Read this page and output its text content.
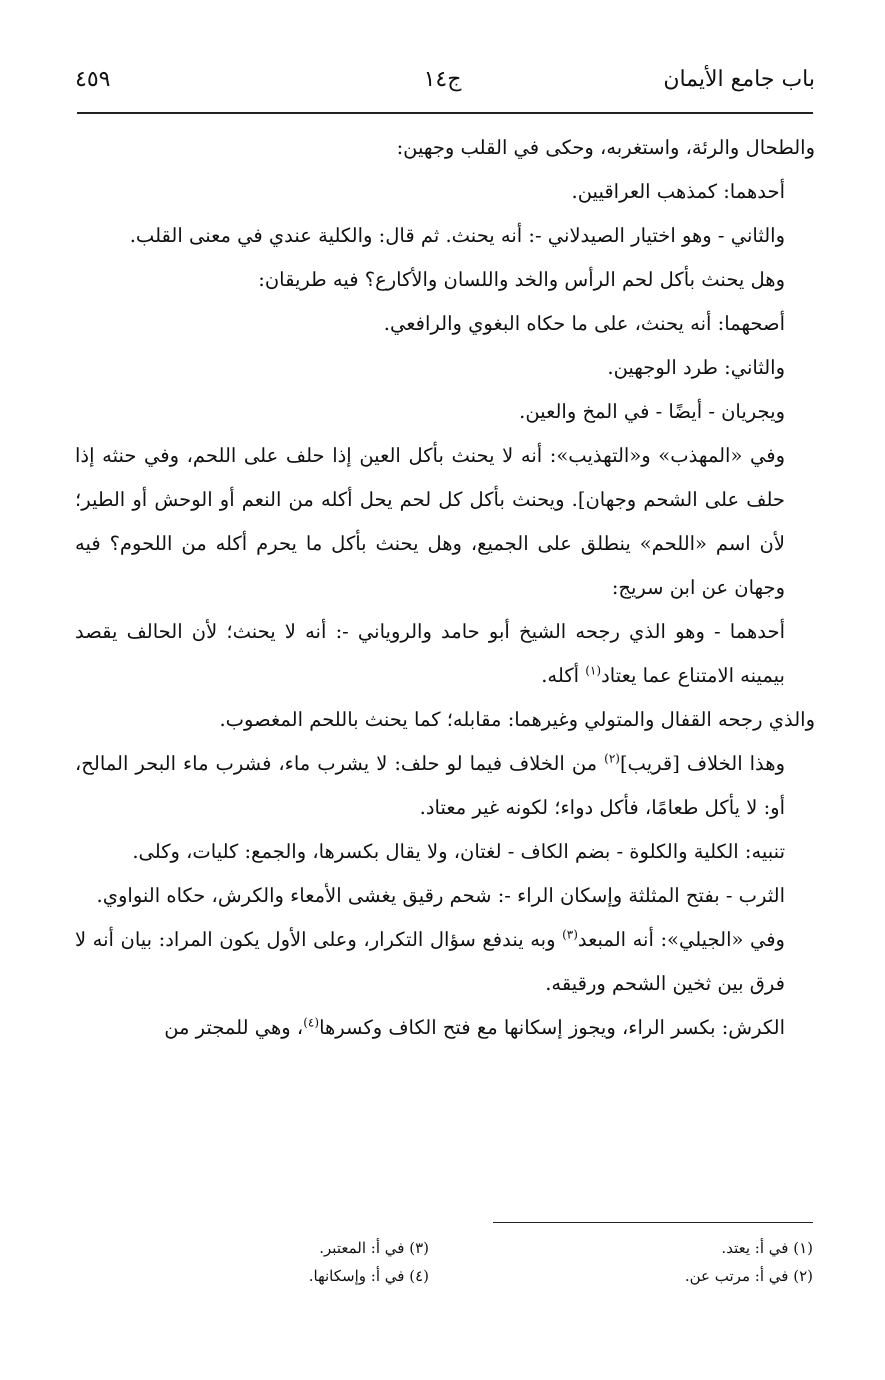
باب جامع الأيمان
ج١٤
٤٥٩

والطحال والرئة، واستغربه، وحكى في القلب وجهين:

أحدهما: كمذهب العراقيين.

والثاني - وهو اختيار الصيدلاني -: أنه يحنث. ثم قال: والكلية عندي في معنى القلب.

وهل يحنث بأكل لحم الرأس والخد واللسان والأكارع؟ فيه طريقان:

أصحهما: أنه يحنث، على ما حكاه البغوي والرافعي.

والثاني: طرد الوجهين.

ويجريان - أيضًا - في المخ والعين.

وفي «المهذب» و«التهذيب»: أنه لا يحنث بأكل العين إذا حلف على اللحم، وفي حنثه إذا حلف على الشحم وجهان]. ويحنث بأكل كل لحم يحل أكله من النعم أو الوحش أو الطير؛ لأن اسم «اللحم» ينطلق على الجميع، وهل يحنث بأكل ما يحرم أكله من اللحوم؟ فيه وجهان عن ابن سريج:

أحدهما - وهو الذي رجحه الشيخ أبو حامد والروياني -: أنه لا يحنث؛ لأن الحالف يقصد بيمينه الامتناع عما يعتاد$^{(١)}$ أكله.

والذي رجحه القفال والمتولي وغيرهما: مقابله؛ كما يحنث باللحم المغصوب.

وهذا الخلاف [قريب]$^{(٢)}$ من الخلاف فيما لو حلف: لا يشرب ماء، فشرب ماء البحر المالح، أو: لا يأكل طعامًا، فأكل دواء؛ لكونه غير معتاد.

تنبيه: الكلية والكلوة - بضم الكاف - لغتان، ولا يقال بكسرها، والجمع: كليات، وكلى.

الثرب - بفتح المثلثة وإسكان الراء -: شحم رقيق يغشى الأمعاء والكرش، حكاه النواوي.

وفي «الجيلي»: أنه المبعد$^{(٣)}$ وبه يندفع سؤال التكرار، وعلى الأول يكون المراد: بيان أنه لا فرق بين ثخين الشحم ورقيقه.

الكرش: بكسر الراء، ويجوز إسكانها مع فتح الكاف وكسرها$^{(٤)}$، وهي للمجتر من

(١) في أ: يعتد.
(٢) في أ: مرتب عن.
(٣) في أ: المعتبر.
(٤) في أ: وإسكانها.
